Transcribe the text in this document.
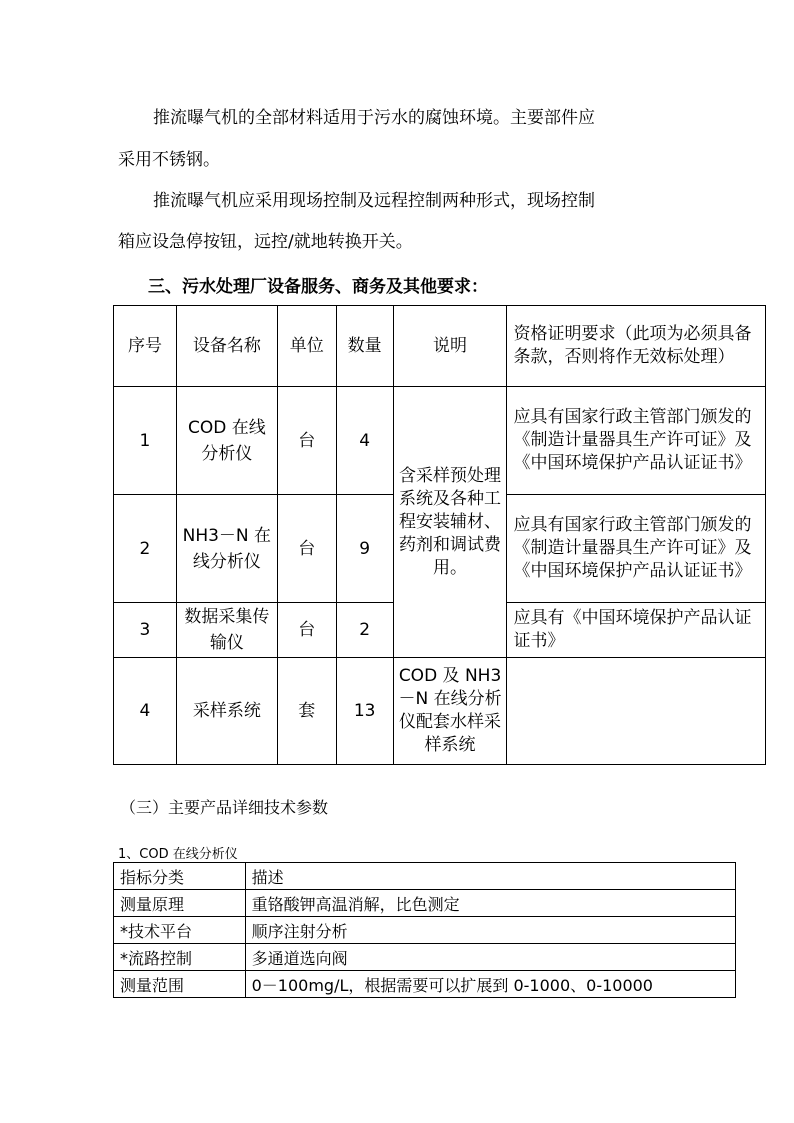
推流曝气机的全部材料适用于污水的腐蚀环境。主要部件应
采用不锈钢。
推流曝气机应采用现场控制及远程控制两种形式，现场控制
箱应设急停按钮，远控/就地转换开关。
三、污水处理厂设备服务、商务及其他要求：
序号	设备名称	单位	数量	说明	资格证明要求（此项为必须具备条款，否则将作无效标处理）
1	COD 在线分析仪	台	4	含采样预处理系统及各种工程安装辅材、药剂和调试费用。	应具有国家行政主管部门颁发的《制造计量器具生产许可证》及《中国环境保护产品认证证书》
2	NH3－N 在线分析仪	台	9		应具有国家行政主管部门颁发的《制造计量器具生产许可证》及《中国环境保护产品认证证书》
3	数据采集传输仪	台	2		应具有《中国环境保护产品认证证书》
4	采样系统	套	13	COD 及 NH3－N 在线分析仪配套水样采样系统	
（三）主要产品详细技术参数
1、COD 在线分析仪
指标分类	描述
测量原理	重铬酸钾高温消解，比色测定
*技术平台	顺序注射分析
*流路控制	多通道选向阀
测量范围	0－100mg/L，根据需要可以扩展到 0-1000、0-10000
